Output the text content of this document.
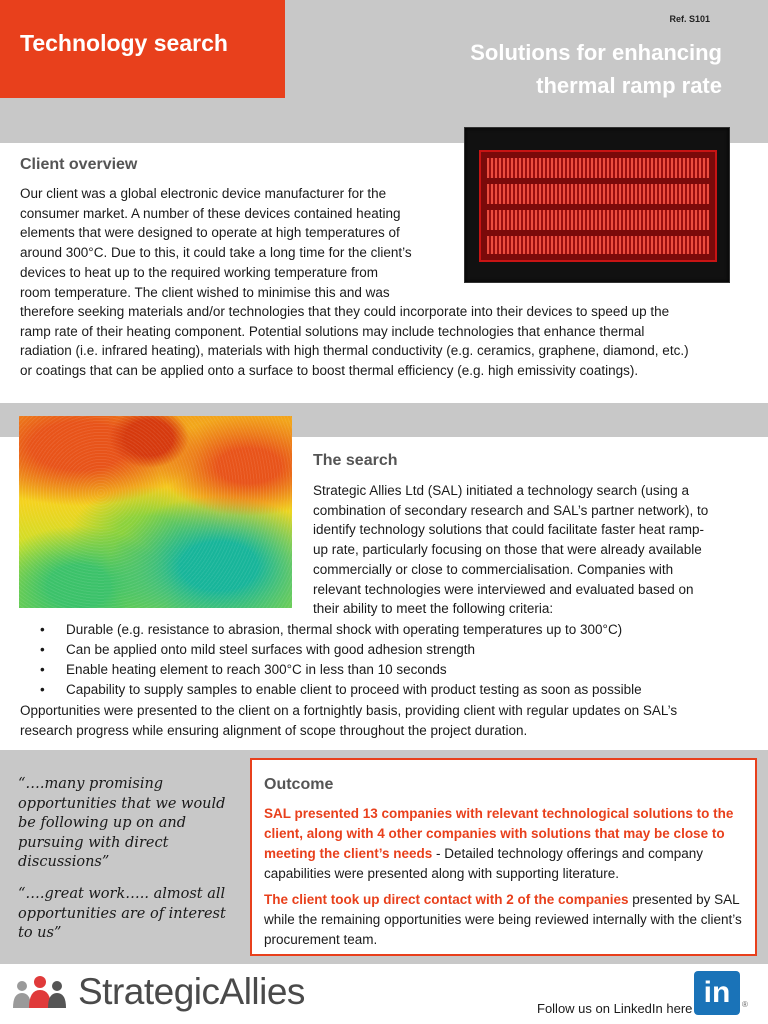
Technology search
Ref. S101
Solutions for enhancing
thermal ramp rate
Client overview
Our client was a global electronic device manufacturer for the
consumer market. A number of these devices contained heating
elements that were designed to operate at high temperatures of
around 300°C. Due to this, it could take a long time for the client’s
devices to heat up to the required working temperature from
room temperature. The client wished to minimise this and was
therefore seeking materials and/or technologies that they could incorporate into their devices to speed up the
ramp rate of their heating component. Potential solutions may include technologies that enhance thermal
radiation (i.e. infrared heating), materials with high thermal conductivity (e.g. ceramics, graphene, diamond, etc.)
or coatings that can be applied onto a surface to boost thermal efficiency (e.g. high emissivity coatings).
The search
Strategic Allies Ltd (SAL) initiated a technology search (using a
combination of secondary research and SAL’s partner network), to
identify technology solutions that could facilitate faster heat ramp-
up rate, particularly focusing on those that were already available
commercially or close to commercialisation. Companies with
relevant technologies were interviewed and evaluated based on
their ability to meet the following criteria:
• Durable (e.g. resistance to abrasion, thermal shock with operating temperatures up to 300°C)
• Can be applied onto mild steel surfaces with good adhesion strength
• Enable heating element to reach 300°C in less than 10 seconds
• Capability to supply samples to enable client to proceed with product testing as soon as possible
Opportunities were presented to the client on a fortnightly basis, providing client with regular updates on SAL’s
research progress while ensuring alignment of scope throughout the project duration.
“….many promising opportunities that we would be following up on and pursuing with direct discussions”
“….great work….. almost all opportunities are of interest to us”
Outcome
SAL presented 13 companies with relevant technological solutions to the client, along with 4 other companies with solutions that may be close to meeting the client’s needs - Detailed technology offerings and company capabilities were presented along with supporting literature.
The client took up direct contact with 2 of the companies presented by SAL while the remaining opportunities were being reviewed internally with the client’s procurement team.
StrategicAllies	Follow us on LinkedIn here in	®
